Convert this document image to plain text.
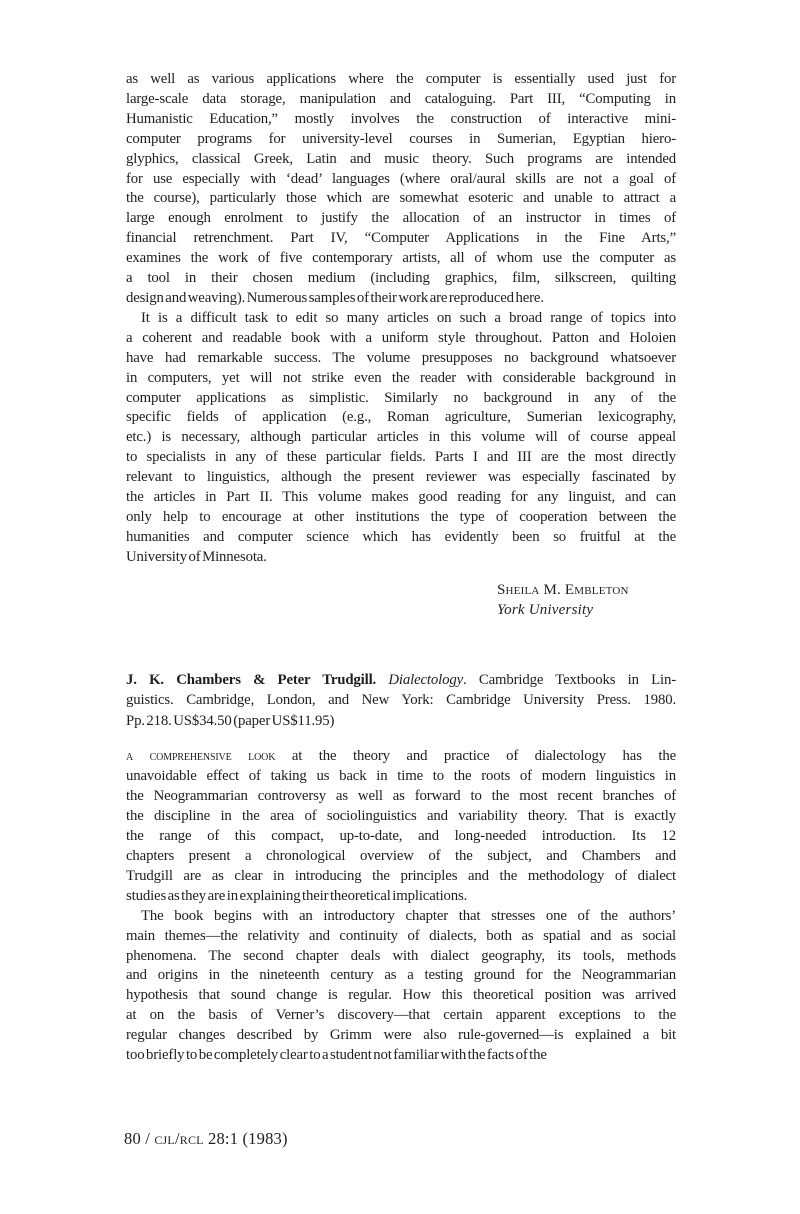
as well as various applications where the computer is essentially used just for
large-scale data storage, manipulation and cataloguing. Part III, “Computing in
Humanistic Education,” mostly involves the construction of interactive mini-
computer programs for university-level courses in Sumerian, Egyptian hiero-
glyphics, classical Greek, Latin and music theory. Such programs are intended
for use especially with ‘dead’ languages (where oral/aural skills are not a goal of
the course), particularly those which are somewhat esoteric and unable to attract a
large enough enrolment to justify the allocation of an instructor in times of
financial retrenchment. Part IV, “Computer Applications in the Fine Arts,”
examines the work of five contemporary artists, all of whom use the computer as
a tool in their chosen medium (including graphics, film, silkscreen, quilting
design and weaving). Numerous samples of their work are reproduced here.
It is a difficult task to edit so many articles on such a broad range of topics into
a coherent and readable book with a uniform style throughout. Patton and Holoien
have had remarkable success. The volume presupposes no background whatsoever
in computers, yet will not strike even the reader with considerable background in
computer applications as simplistic. Similarly no background in any of the
specific fields of application (e.g., Roman agriculture, Sumerian lexicography,
etc.) is necessary, although particular articles in this volume will of course appeal
to specialists in any of these particular fields. Parts I and III are the most directly
relevant to linguistics, although the present reviewer was especially fascinated by
the articles in Part II. This volume makes good reading for any linguist, and can
only help to encourage at other institutions the type of cooperation between the
humanities and computer science which has evidently been so fruitful at the
University of Minnesota.
Sheila M. Embleton
York University
J. K. Chambers & Peter Trudgill. Dialectology. Cambridge Textbooks in Lin-
guistics. Cambridge, London, and New York: Cambridge University Press. 1980.
Pp. 218. US$34.50 (paper US$11.95)
a comprehensive look at the theory and practice of dialectology has the
unavoidable effect of taking us back in time to the roots of modern linguistics in
the Neogrammarian controversy as well as forward to the most recent branches of
the discipline in the area of sociolinguistics and variability theory. That is exactly
the range of this compact, up-to-date, and long-needed introduction. Its 12
chapters present a chronological overview of the subject, and Chambers and
Trudgill are as clear in introducing the principles and the methodology of dialect
studies as they are in explaining their theoretical implications.
The book begins with an introductory chapter that stresses one of the authors’
main themes—the relativity and continuity of dialects, both as spatial and as social
phenomena. The second chapter deals with dialect geography, its tools, methods
and origins in the nineteenth century as a testing ground for the Neogrammarian
hypothesis that sound change is regular. How this theoretical position was arrived
at on the basis of Verner’s discovery—that certain apparent exceptions to the
regular changes described by Grimm were also rule-governed—is explained a bit
too briefly to be completely clear to a student not familiar with the facts of the
80 / cjl/rcl 28:1 (1983)
